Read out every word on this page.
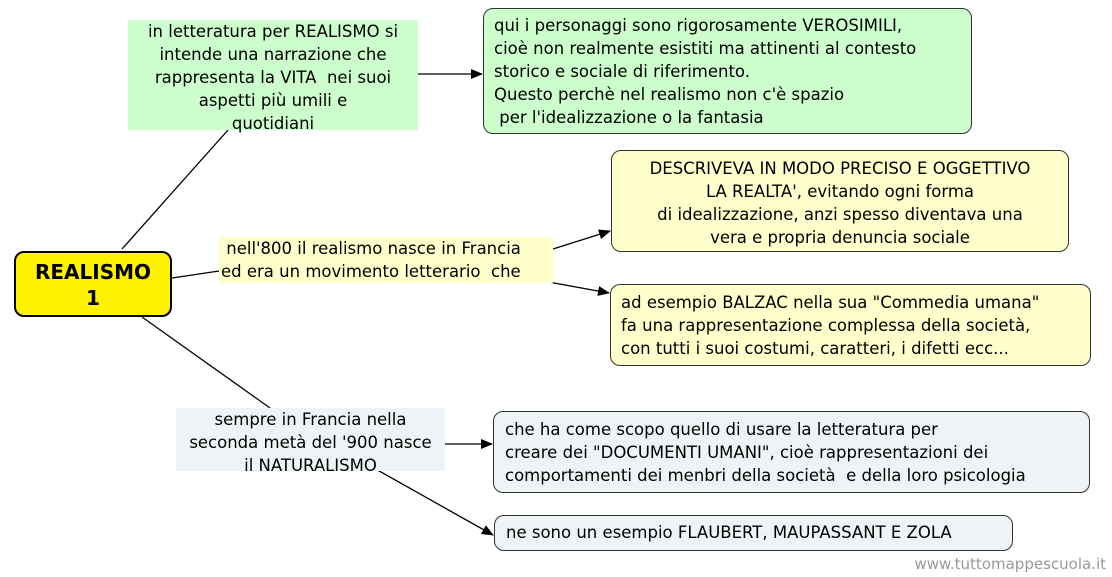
REALISMO
1
in letteratura per REALISMO si
intende una narrazione che
rappresenta la VITA  nei suoi
aspetti più umili e
quotidiani
nell'800 il realismo nasce in Francia
ed era un movimento letterario  che
sempre in Francia nella
seconda metà del '900 nasce
il NATURALISMO
qui i personaggi sono rigorosamente VEROSIMILI,
cioè non realmente esistiti ma attinenti al contesto
storico e sociale di riferimento.
Questo perchè nel realismo non c'è spazio
per l'idealizzazione o la fantasia
DESCRIVEVA IN MODO PRECISO E OGGETTIVO
LA REALTA', evitando ogni forma
di idealizzazione, anzi spesso diventava una
vera e propria denuncia sociale
ad esempio BALZAC nella sua "Commedia umana"
fa una rappresentazione complessa della società,
con tutti i suoi costumi, caratteri, i difetti ecc...
che ha come scopo quello di usare la letteratura per
creare dei "DOCUMENTI UMANI", cioè rappresentazioni dei
comportamenti dei menbri della società  e della loro psicologia
ne sono un esempio FLAUBERT, MAUPASSANT E ZOLA
www.tuttomappescuola.it
